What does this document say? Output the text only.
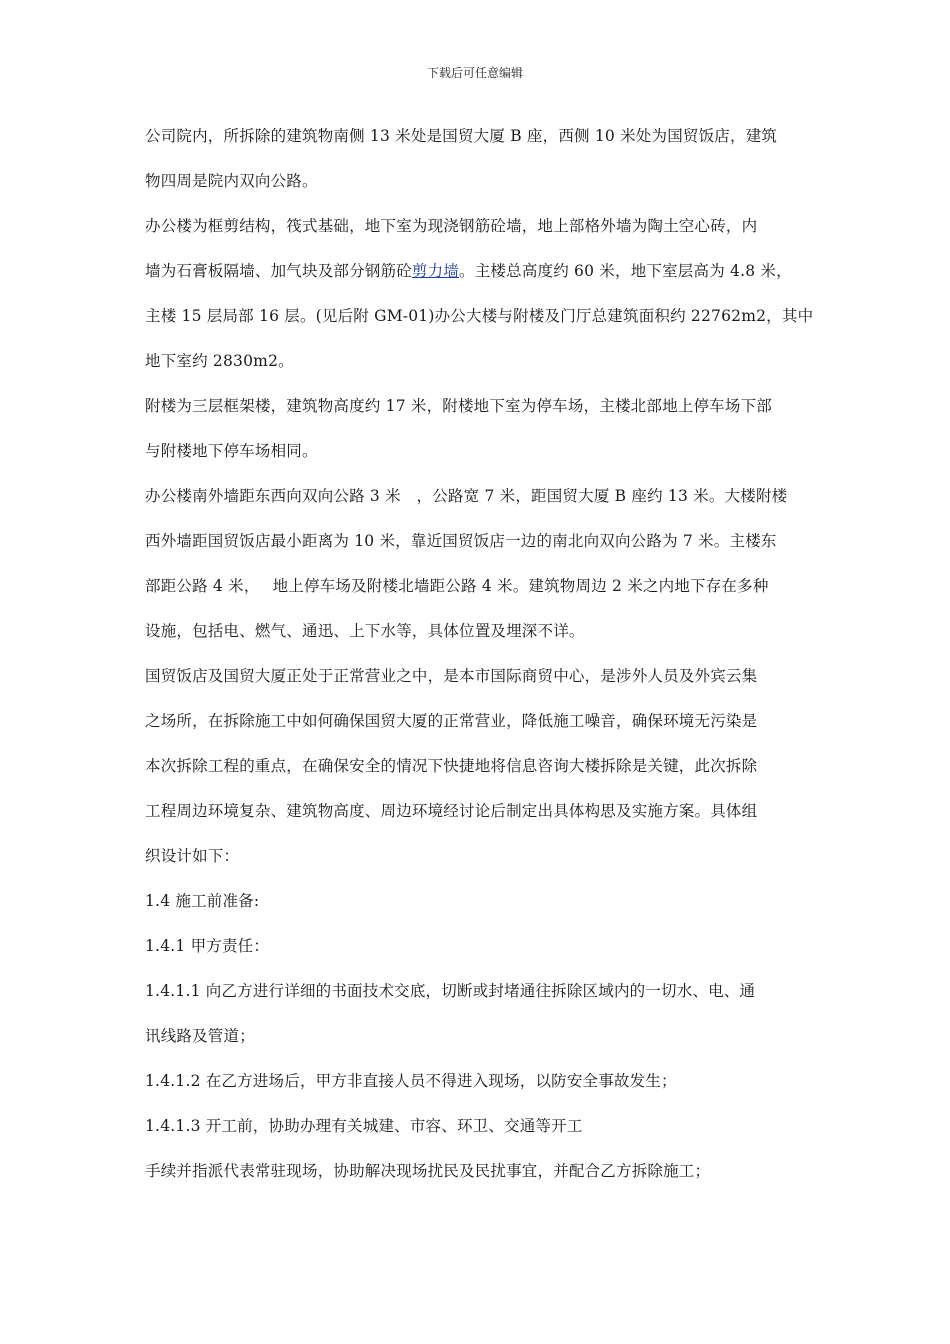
下载后可任意编辑
公司院内，所拆除的建筑物南侧 13 米处是国贸大厦 B 座，西侧 10 米处为国贸饭店，建筑
物四周是院内双向公路。
办公楼为框剪结构，筏式基础，地下室为现浇钢筋砼墙，地上部格外墙为陶土空心砖，内
墙为石膏板隔墙、加气块及部分钢筋砼剪力墙。主楼总高度约 60 米，地下室层高为 4.8 米，
主楼 15 层局部 16 层。(见后附 GM-01)办公大楼与附楼及门厅总建筑面积约 22762m2，其中
地下室约 2830m2。
附楼为三层框架楼，建筑物高度约 17 米，附楼地下室为停车场，主楼北部地上停车场下部
与附楼地下停车场相同。
办公楼南外墙距东西向双向公路 3 米　，公路宽 7 米，距国贸大厦 B 座约 13 米。大楼附楼
西外墙距国贸饭店最小距离为 10 米，靠近国贸饭店一边的南北向双向公路为 7 米。主楼东
部距公路 4 米，　 地上停车场及附楼北墙距公路 4 米。建筑物周边 2 米之内地下存在多种
设施，包括电、燃气、通迅、上下水等，具体位置及埋深不详。
国贸饭店及国贸大厦正处于正常营业之中，是本市国际商贸中心，是涉外人员及外宾云集
之场所，在拆除施工中如何确保国贸大厦的正常营业，降低施工噪音，确保环境无污染是
本次拆除工程的重点，在确保安全的情况下快捷地将信息咨询大楼拆除是关键，此次拆除
工程周边环境复杂、建筑物高度、周边环境经讨论后制定出具体构思及实施方案。具体组
织设计如下：
1.4 施工前准备:
1.4.1 甲方责任：
1.4.1.1 向乙方进行详细的书面技术交底，切断或封堵通往拆除区域内的一切水、电、通
讯线路及管道；
1.4.1.2 在乙方进场后，甲方非直接人员不得进入现场，以防安全事故发生；
1.4.1.3 开工前，协助办理有关城建、市容、环卫、交通等开工
手续并指派代表常驻现场，协助解决现场扰民及民扰事宜，并配合乙方拆除施工；
